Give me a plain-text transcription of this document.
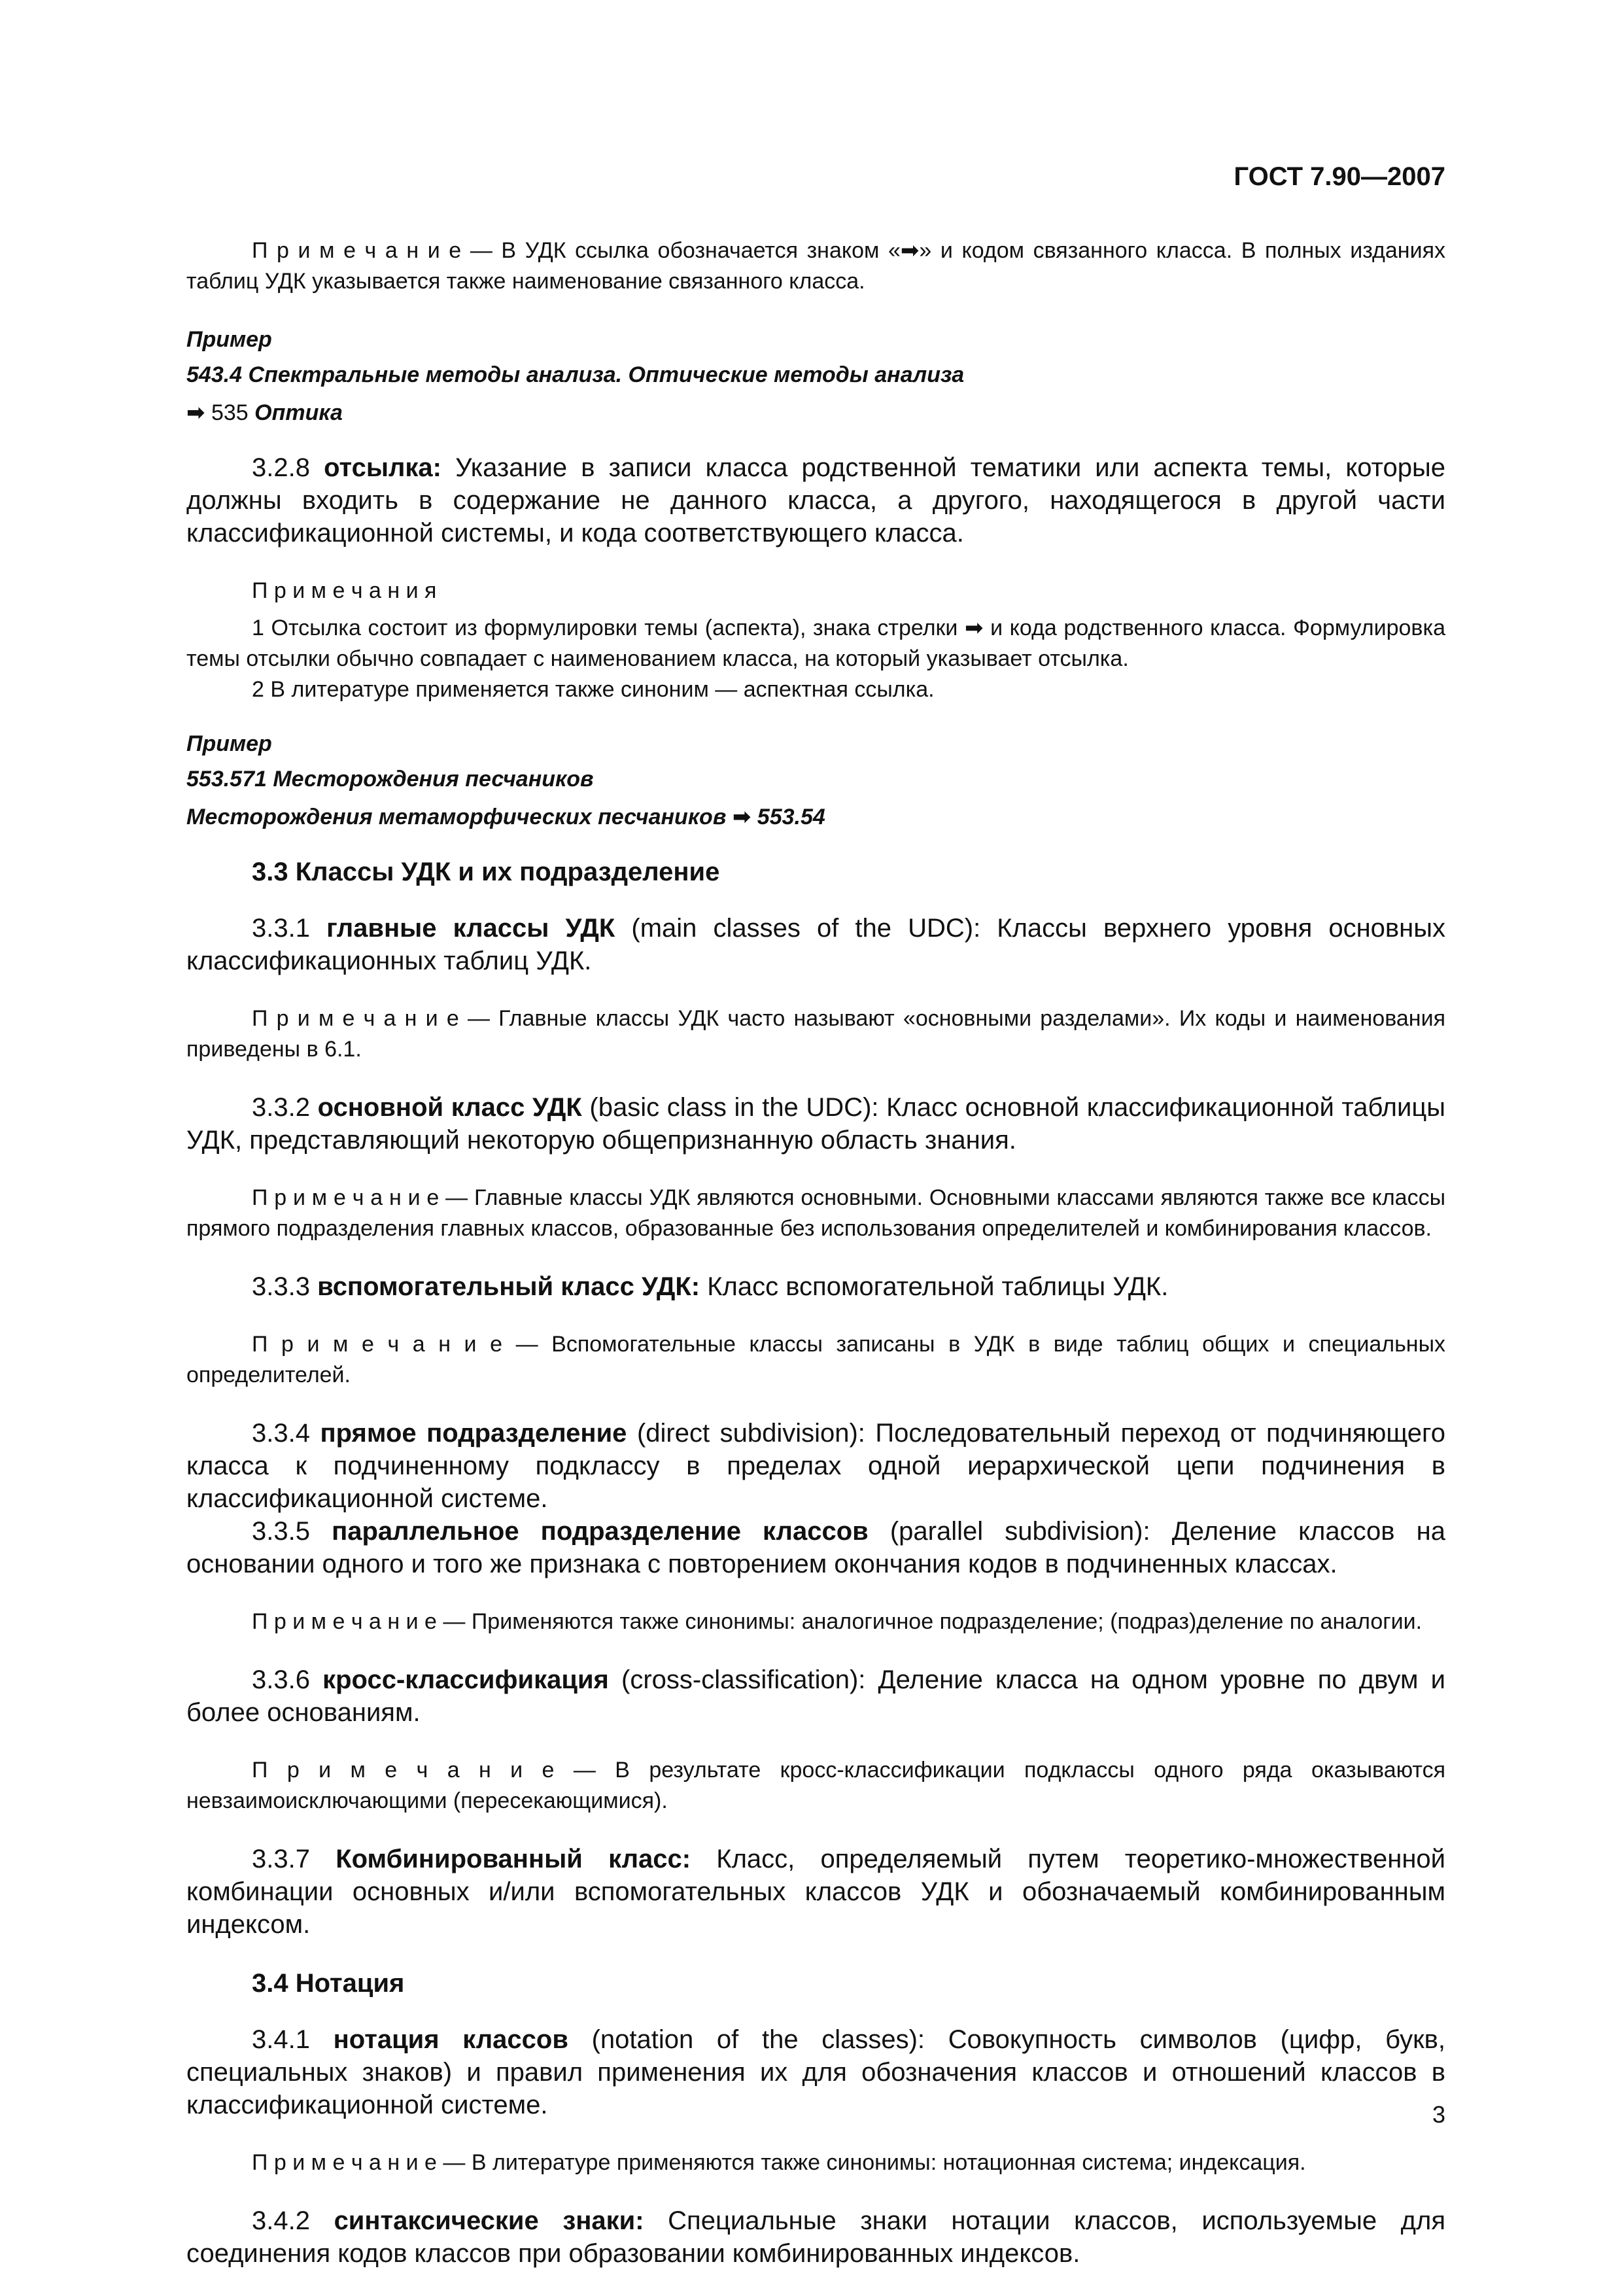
ГОСТ 7.90—2007

П р и м е ч а н и е — В УДК ссылка обозначается знаком «➡» и кодом связанного класса. В полных изданиях таблиц УДК указывается также наименование связанного класса.

Пример
543.4 Спектральные методы анализа. Оптические методы анализа
➡ 535 Оптика

3.2.8 отсылка: Указание в записи класса родственной тематики или аспекта темы, которые должны входить в содержание не данного класса, а другого, находящегося в другой части классификационной системы, и кода соответствующего класса.

П р и м е ч а н и я
1 Отсылка состоит из формулировки темы (аспекта), знака стрелки ➡ и кода родственного класса. Формулировка темы отсылки обычно совпадает с наименованием класса, на который указывает отсылка.
2 В литературе применяется также синоним — аспектная ссылка.
Пример
553.571 Месторождения песчаников
Месторождения метаморфических песчаников ➡ 553.54
3.3 Классы УДК и их подразделение

3.3.1 главные классы УДК (main classes of the UDC): Классы верхнего уровня основных классификационных таблиц УДК.

П р и м е ч а н и е — Главные классы УДК часто называют «основными разделами». Их коды и наименования приведены в 6.1.

3.3.2 основной класс УДК (basic class in the UDC): Класс основной классификационной таблицы УДК, представляющий некоторую общепризнанную область знания.

П р и м е ч а н и е — Главные классы УДК являются основными. Основными классами являются также все классы прямого подразделения главных классов, образованные без использования определителей и комбинирования классов.

3.3.3 вспомогательный класс УДК: Класс вспомогательной таблицы УДК.

П р и м е ч а н и е — Вспомогательные классы записаны в УДК в виде таблиц общих и специальных определителей.

3.3.4 прямое подразделение (direct subdivision): Последовательный переход от подчиняющего класса к подчиненному подклассу в пределах одной иерархической цепи подчинения в классификационной системе.

3.3.5 параллельное подразделение классов (parallel subdivision): Деление классов на основании одного и того же признака с повторением окончания кодов в подчиненных классах.

П р и м е ч а н и е — Применяются также синонимы: аналогичное подразделение; (подраз)деление по аналогии.

3.3.6 кросс-классификация (cross-classification): Деление класса на одном уровне по двум и более основаниям.

П р и м е ч а н и е — В результате кросс-классификации подклассы одного ряда оказываются невзаимоисключающими (пересекающимися).

3.3.7 Комбинированный класс: Класс, определяемый путем теоретико-множественной комбинации основных и/или вспомогательных классов УДК и обозначаемый комбинированным индексом.

3.4 Нотация

3.4.1 нотация классов (notation of the classes): Совокупность символов (цифр, букв, специальных знаков) и правил применения их для обозначения классов и отношений классов в классификационной системе.

П р и м е ч а н и е — В литературе применяются также синонимы: нотационная система; индексация.

3.4.2 синтаксические знаки: Специальные знаки нотации классов, используемые для соединения кодов классов при образовании комбинированных индексов.

3
